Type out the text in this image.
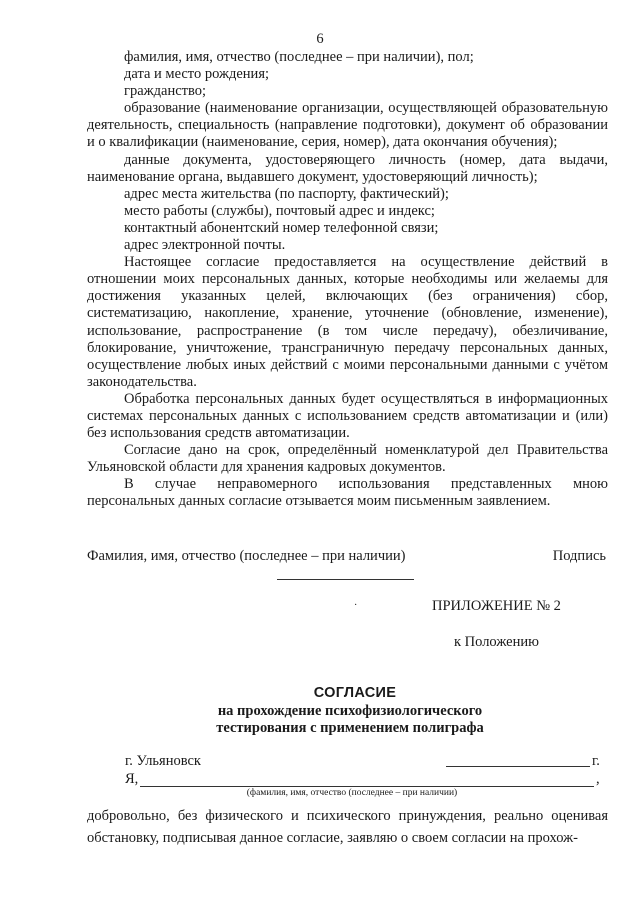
6

фамилия, имя, отчество (последнее – при наличии), пол;

дата и место рождения;

гражданство;

образование (наименование организации, осуществляющей образовательную деятельность, специальность (направление подготовки), документ об образовании и о квалификации (наименование, серия, номер), дата окончания обучения);

данные документа, удостоверяющего личность (номер, дата выдачи, наименование органа, выдавшего документ, удостоверяющий личность);

адрес места жительства (по паспорту, фактический);

место работы (службы), почтовый адрес и индекс;

контактный абонентский номер телефонной связи;

адрес электронной почты.

Настоящее согласие предоставляется на осуществление действий в отношении моих персональных данных, которые необходимы или желаемы для достижения указанных целей, включающих (без ограничения) сбор, систематизацию, накопление, хранение, уточнение (обновление, изменение), использование, распространение (в том числе передачу), обезличивание, блокирование, уничтожение, трансграничную передачу персональных данных, осуществление любых иных действий с моими персональными данными с учётом законодательства.

Обработка персональных данных будет осуществляться в информационных системах персональных данных с использованием средств автоматизации и (или) без использования средств автоматизации.

Согласие дано на срок, определённый номенклатурой дел Правительства Ульяновской области для хранения кадровых документов.

В случае неправомерного использования представленных мною персональных данных согласие отзывается моим письменным заявлением.

Фамилия, имя, отчество (последнее – при наличии)	Подпись
·	ПРИЛОЖЕНИЕ № 2
к Положению
СОГЛАСИЕ
на прохождение психофизиологического
тестирования с применением полиграфа
г. Ульяновск	г.
Я,	,
(фамилия, имя, отчество (последнее – при наличии)
добровольно, без физического и психического принуждения, реально оценивая обстановку, подписывая данное согласие, заявляю о своем согласии на прохож-
